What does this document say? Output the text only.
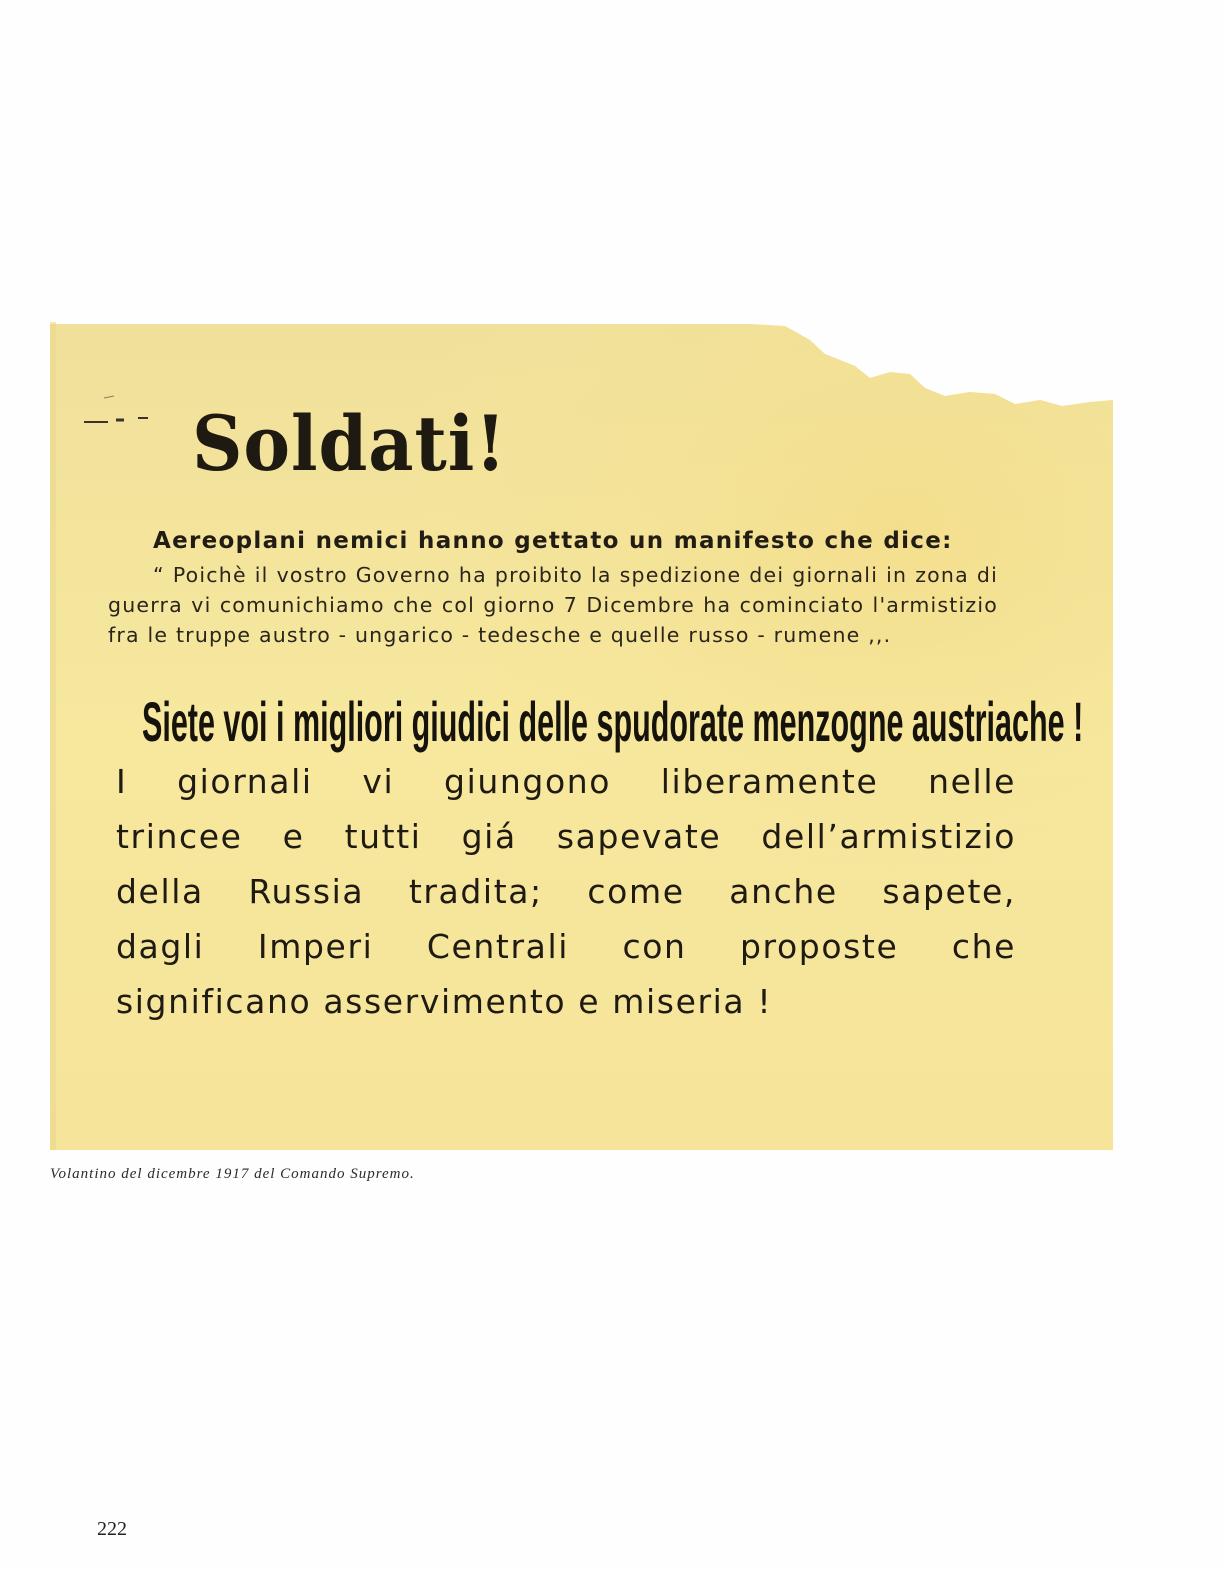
Soldati!
Aereoplani nemici hanno gettato un manifesto che dice:

“ Poichè il vostro Governo ha proibito la spedizione dei giornali in zona di guerra vi comunichiamo che col giorno 7 Dicembre ha cominciato l'armistizio fra le truppe austro - ungarico - tedesche e quelle russo - rumene ,,.

Siete voi i migliori giudici delle spudorate menzogne austriache !
I giornali vi giungono liberamente nelle
trincee e tutti giá sapevate dell’armistizio
della Russia tradita; come anche sapete,
dagli Imperi Centrali con proposte che
significano asservimento e miseria !
Volantino del dicembre 1917 del Comando Supremo.
222
